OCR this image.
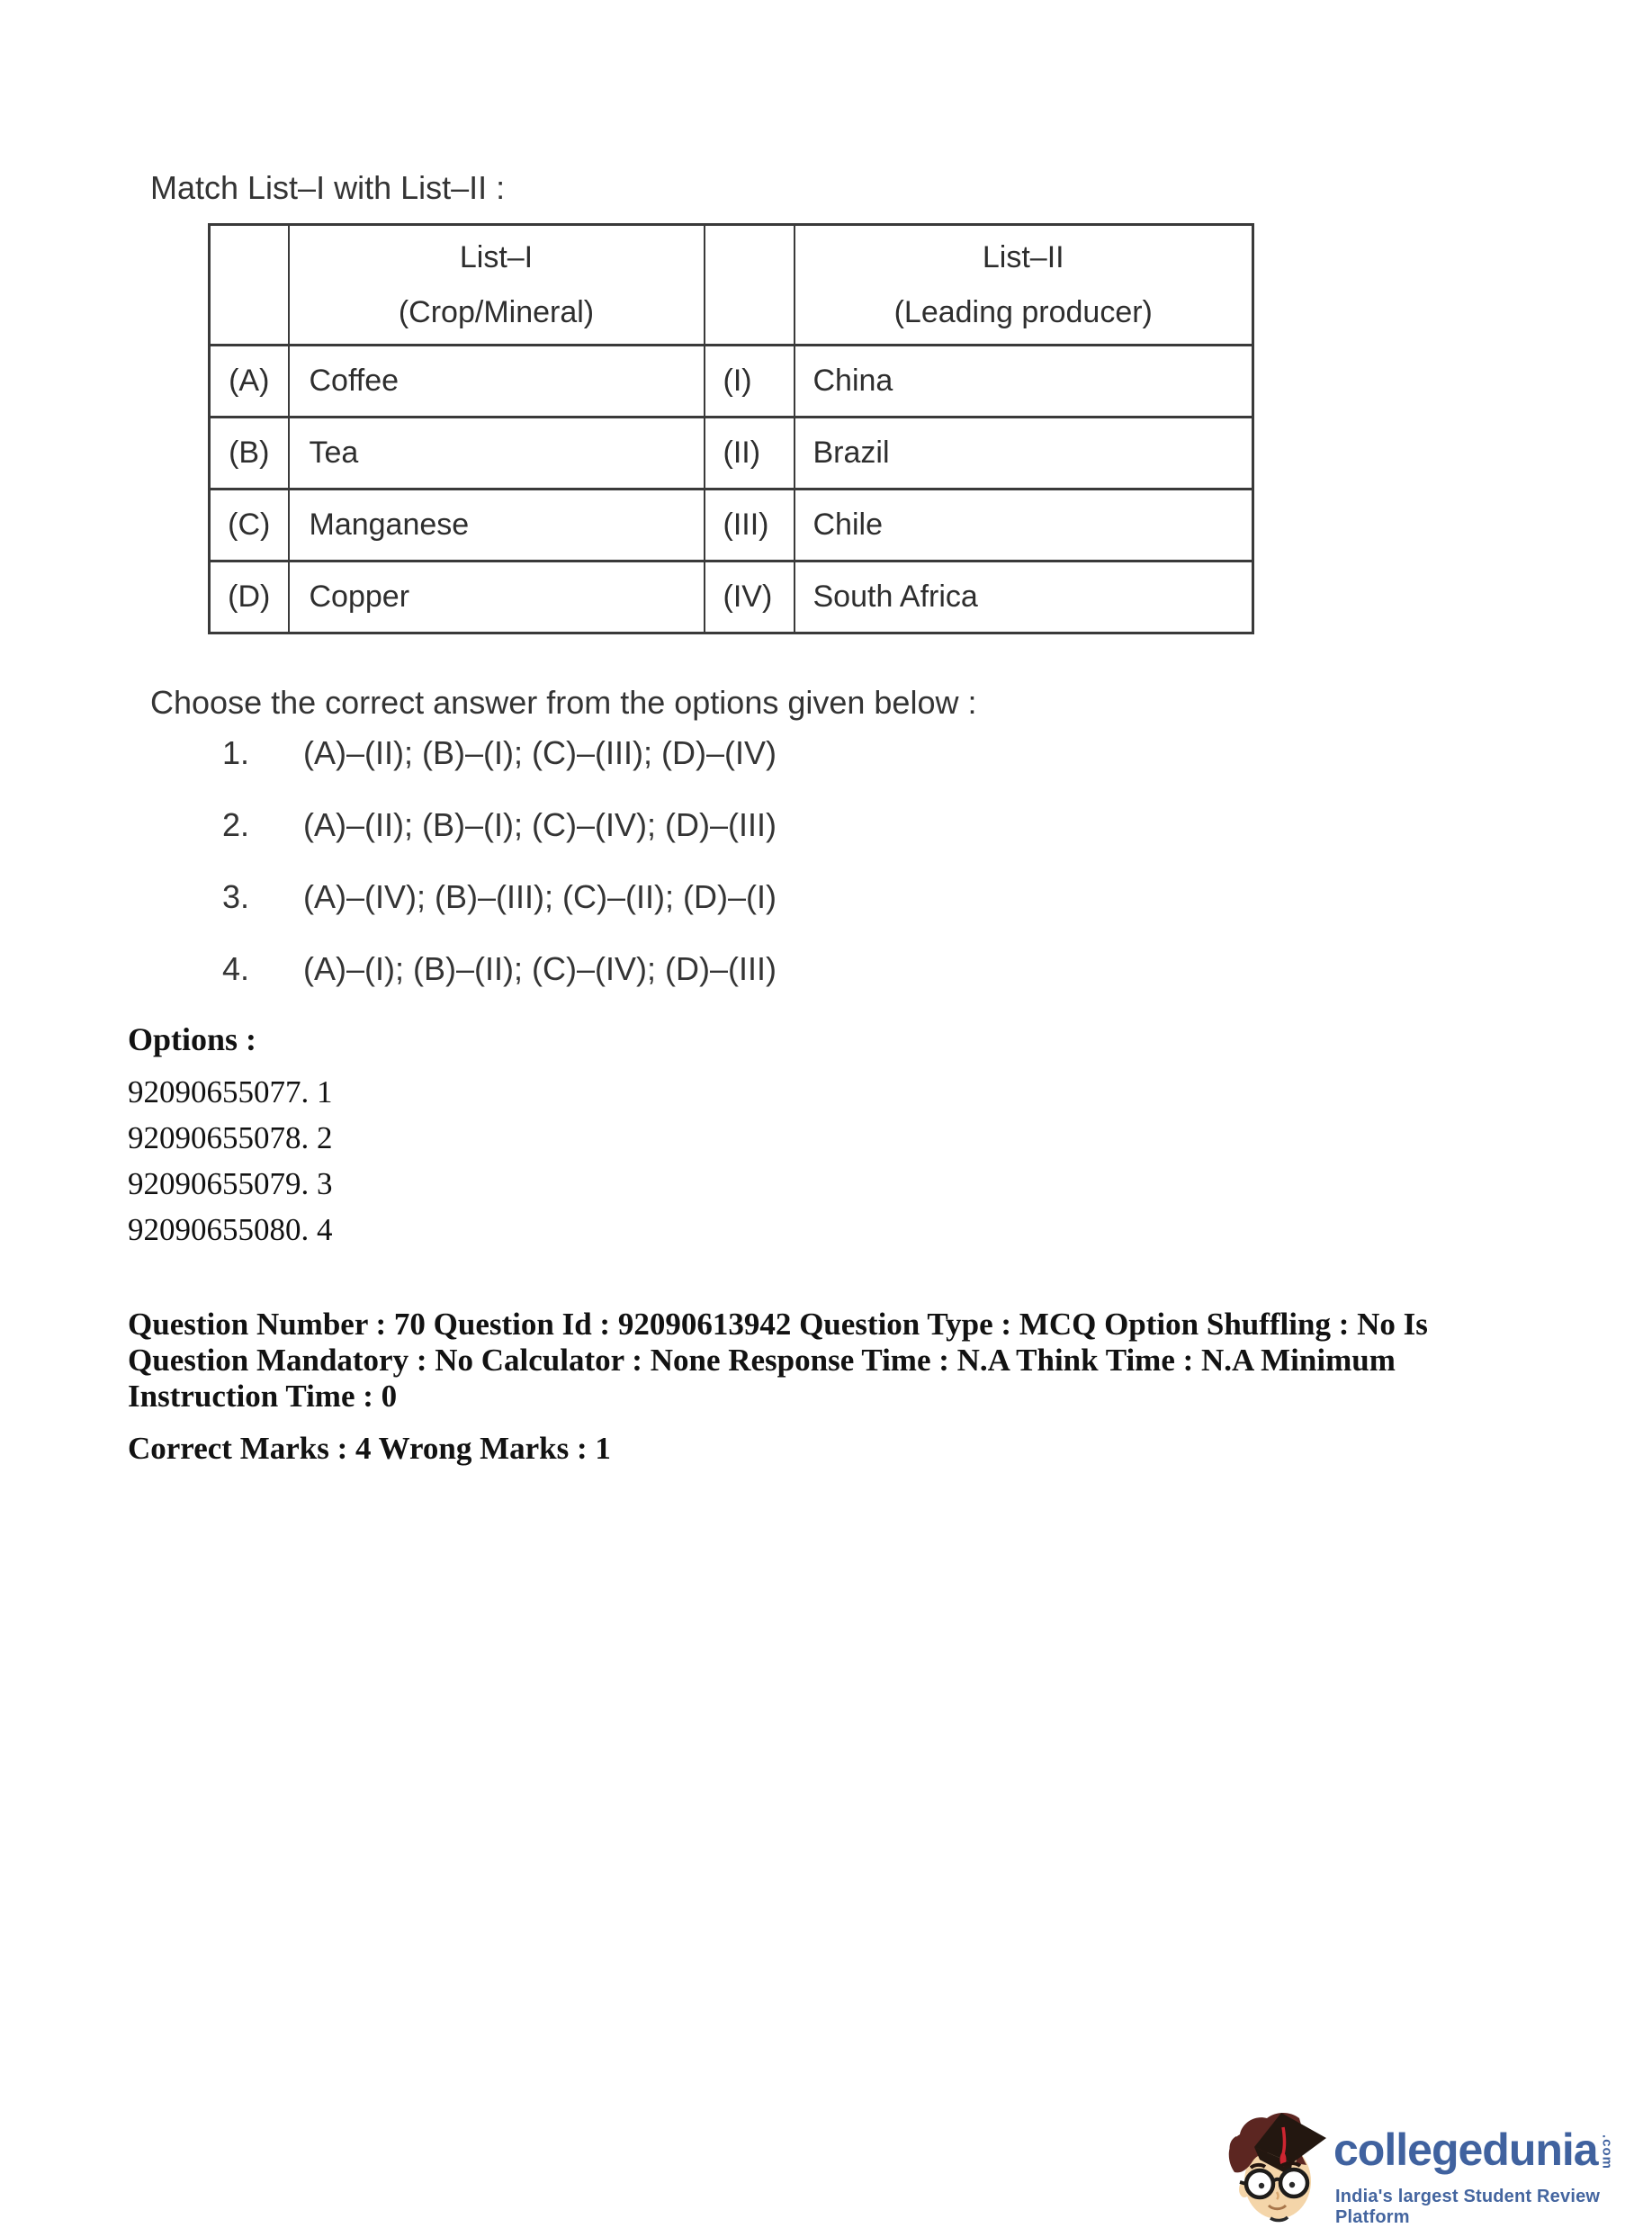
Match List–I with List–II :

List–I
(Crop/Mineral)

List–II
(Leading producer)

(A)	Coffee	(I)	China
(B)	Tea	(II)	Brazil
(C)	Manganese	(III)	Chile
(D)	Copper	(IV)	South Africa
Choose the correct answer from the options given below :
1.	(A)–(II); (B)–(I); (C)–(III); (D)–(IV)
2.	(A)–(II); (B)–(I); (C)–(IV); (D)–(III)
3.	(A)–(IV); (B)–(III); (C)–(II); (D)–(I)
4.	(A)–(I); (B)–(II); (C)–(IV); (D)–(III)
Options :
92090655077. 1
92090655078. 2
92090655079. 3
92090655080. 4
Question Number : 70 Question Id : 92090613942 Question Type : MCQ Option Shuffling : No Is
Question Mandatory : No Calculator : None Response Time : N.A Think Time : N.A Minimum
Instruction Time : 0
Correct Marks : 4 Wrong Marks : 1
collegedunia .com
India's largest Student Review Platform
